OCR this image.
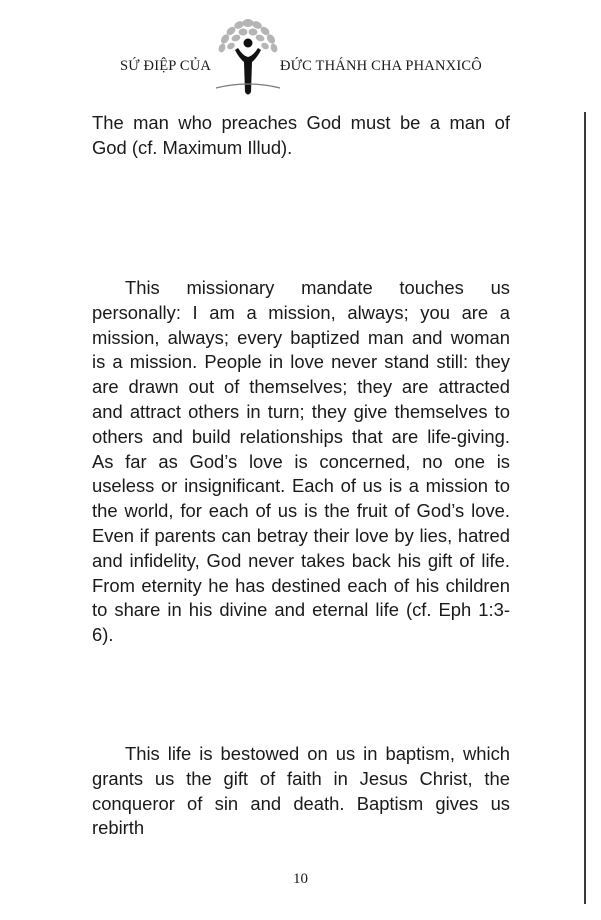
SỨ ĐIỆP CỦA	ĐỨC THÁNH CHA PHANXICÔ

The man who preaches God must be a man of God (cf. Maximum Illud).

This missionary mandate touches us personally: I am a mission, always; you are a mission, always; every baptized man and woman is a mission. People in love never stand still: they are drawn out of themselves; they are attracted and attract others in turn; they give themselves to others and build relationships that are life-giving. As far as God’s love is concerned, no one is useless or insignificant. Each of us is a mission to the world, for each of us is the fruit of God’s love. Even if parents can betray their love by lies, hatred and infidelity, God never takes back his gift of life. From eternity he has destined each of his children to share in his divine and eternal life (cf. Eph 1:3-6).

This life is bestowed on us in baptism, which grants us the gift of faith in Jesus Christ, the conqueror of sin and death. Baptism gives us rebirth

10
